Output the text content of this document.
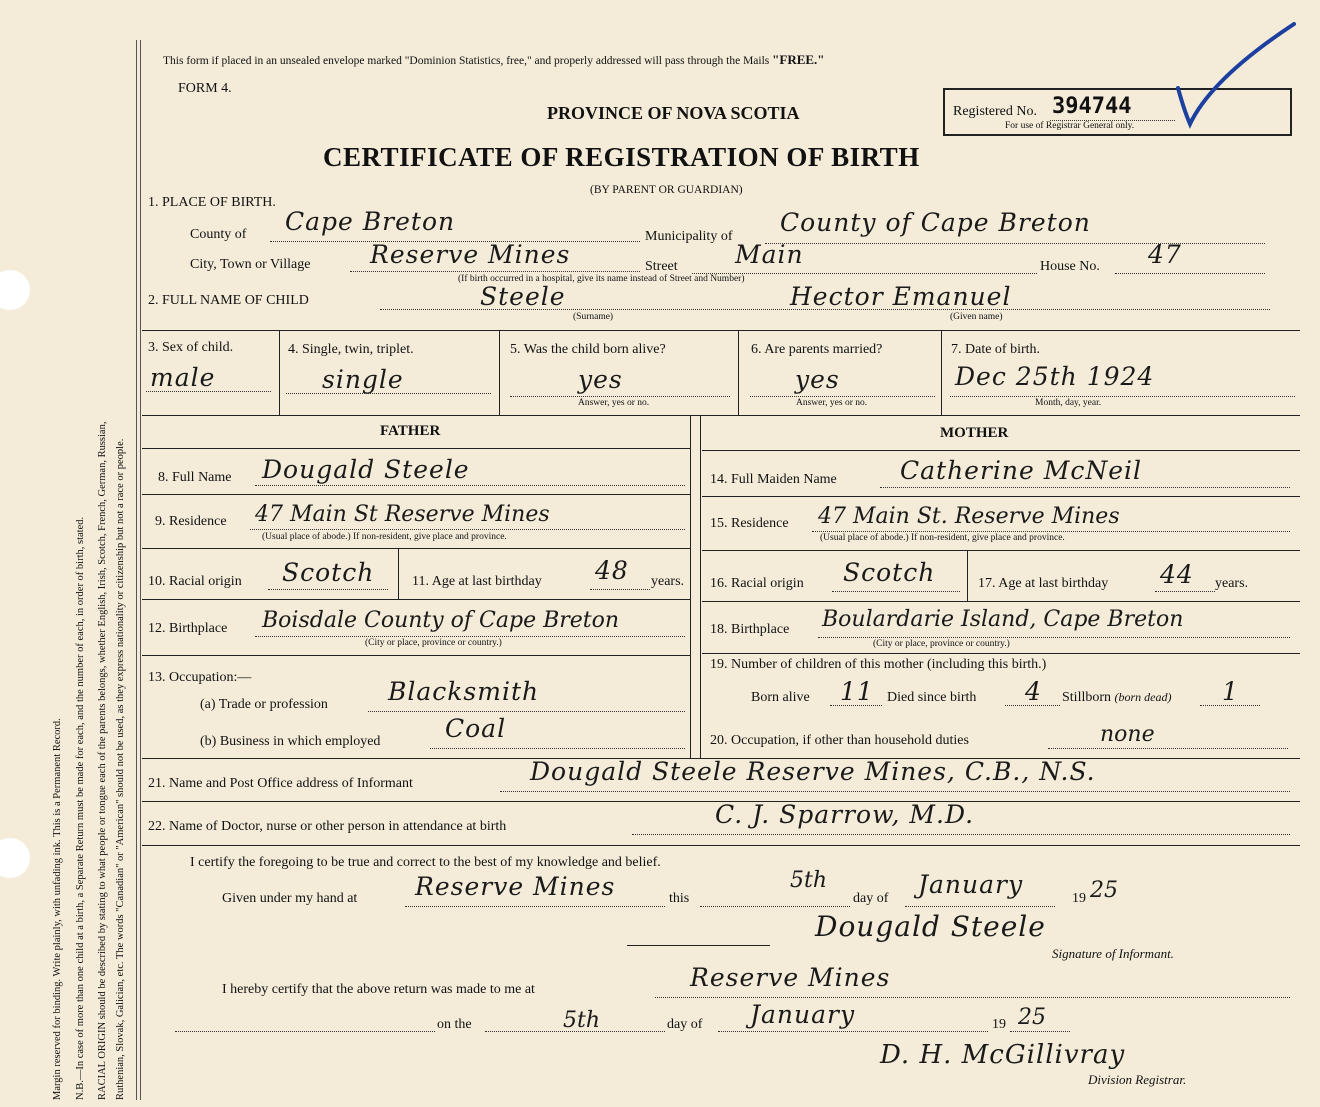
Margin reserved for binding. Write plainly, with unfading ink. This is a Permanent Record. N.B.—In case of more than one child at a birth, a Separate Return must be made for each, and the number of each, in order of birth, stated. RACIAL ORIGIN should be described by stating to what people or tongue each of the parents belongs, whether English, Irish, Scotch, French, German, Russian, Ruthenian, Slovak, Galician, etc. The words "Canadian" or "American" should not be used, as they express nationality or citizenship but not a race or people.
This form if placed in an unsealed envelope marked "Dominion Statistics, free," and properly addressed will pass through the Mails "FREE."
FORM 4.
PROVINCE OF NOVA SCOTIA
CERTIFICATE OF REGISTRATION OF BIRTH
(BY PARENT OR GUARDIAN)
Registered No. 394744
For use of Registrar General only.
1. PLACE OF BIRTH.
County of Cape Breton
Municipality of County of Cape Breton
City, Town or Village Reserve Mines	Street Main	House No. 47
(If birth occurred in a hospital, give its name instead of Street and Number)
2. FULL NAME OF CHILD	Steele
(Surname)
Hector Emanuel
(Given name)
3. Sex of child.
male
4. Single, twin, triplet.
single
5. Was the child born alive?
yes
Answer, yes or no.
6. Are parents married?
yes
Answer, yes or no.
7. Date of birth.
Dec 25th 1924
Month, day, year.
FATHER	MOTHER
8. Full Name Dougald Steele
9. Residence 47 Main St Reserve Mines
(Usual place of abode.) If non-resident, give place and province.
10. Racial origin Scotch	11. Age at last birthday 48 years.
12. Birthplace Boisdale County of Cape Breton
(City or place, province or country.)
13. Occupation:—
(a) Trade or profession Blacksmith
(b) Business in which employed	Coal
14. Full Maiden Name	Catherine McNeil
15. Residence 47 Main St. Reserve Mines
(Usual place of abode.) If non-resident, give place and province.
16. Racial origin Scotch	17. Age at last birthday 44 years.
18. Birthplace Boulardarie Island, Cape Breton
(City or place, province or country.)
19. Number of children of this mother (including this birth.)
Born alive 11 Died since birth 4 Stillborn (born dead) 1
20. Occupation, if other than household duties	none
21. Name and Post Office address of Informant	Dougald Steele Reserve Mines, C.B., N.S.
22. Name of Doctor, nurse or other person in attendance at birth	C. J. Sparrow, M.D.
I certify the foregoing to be true and correct to the best of my knowledge and belief.
Given under my hand at Reserve Mines	this
5th
day of January	19 25
Dougald Steele
Signature of Informant.
I hereby certify that the above return was made to me at	Reserve Mines
on the	5th	day of January	19 25
D. H. McGillivray
Division Registrar.
